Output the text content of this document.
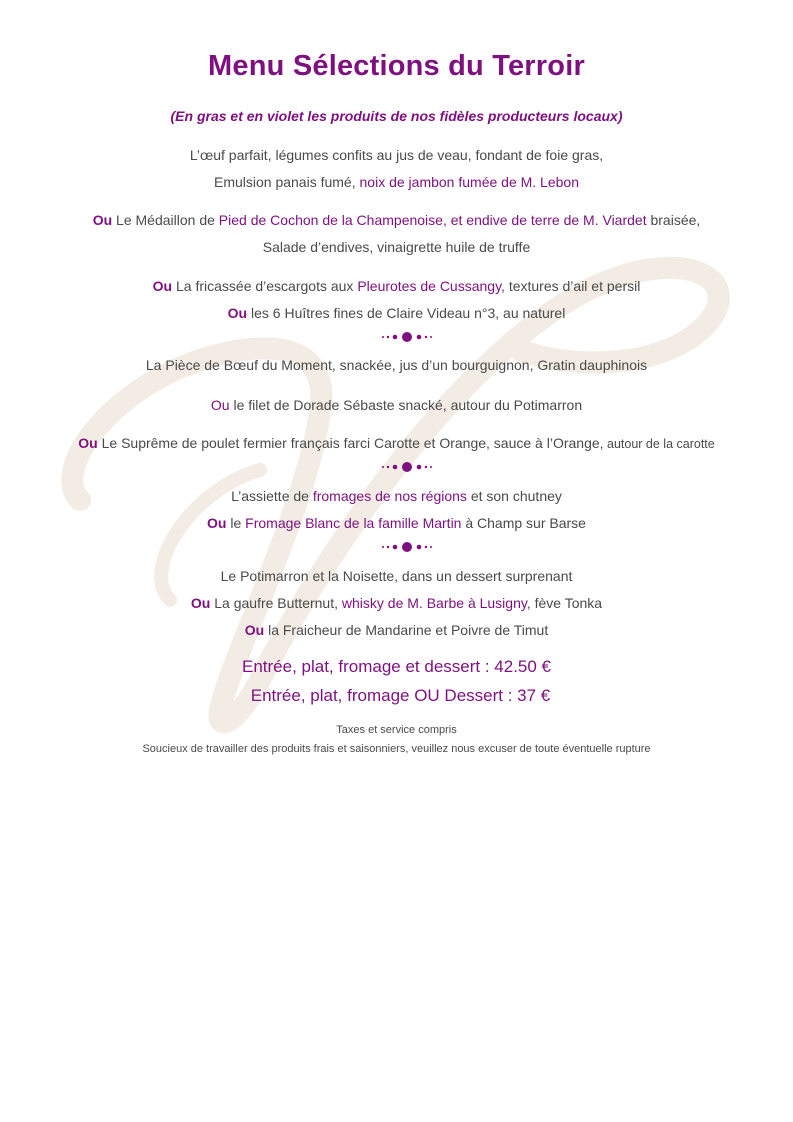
Menu Sélections du Terroir
(En gras et en violet les produits de nos fidèles producteurs locaux)
L’œuf parfait, légumes confits au jus de veau, fondant de foie gras,
Emulsion panais fumé, noix de jambon fumée de M. Lebon
Ou Le Médaillon de Pied de Cochon de la Champenoise, et endive de terre de M. Viardet braisée,
Salade d’endives, vinaigrette huile de truffe
Ou La fricassée d’escargots aux Pleurotes de Cussangy, textures d’ail et persil
Ou les 6 Huîtres fines de Claire Videau n°3, au naturel
La Pièce de Bœuf du Moment, snackée, jus d’un bourguignon, Gratin dauphinois
Ou le filet de Dorade Sébaste snacké, autour du Potimarron
Ou Le Suprême de poulet fermier français farci Carotte et Orange, sauce à l’Orange, autour de la carotte
L’assiette de fromages de nos régions et son chutney
Ou le Fromage Blanc de la famille Martin à Champ sur Barse
Le Potimarron et la Noisette, dans un dessert surprenant
Ou La gaufre Butternut, whisky de M. Barbe à Lusigny, fève Tonka
Ou la Fraicheur de Mandarine et Poivre de Timut
Entrée, plat, fromage et dessert : 42.50 €
Entrée, plat, fromage OU Dessert : 37 €
Taxes et service compris
Soucieux de travailler des produits frais et saisonniers, veuillez nous excuser de toute éventuelle rupture
